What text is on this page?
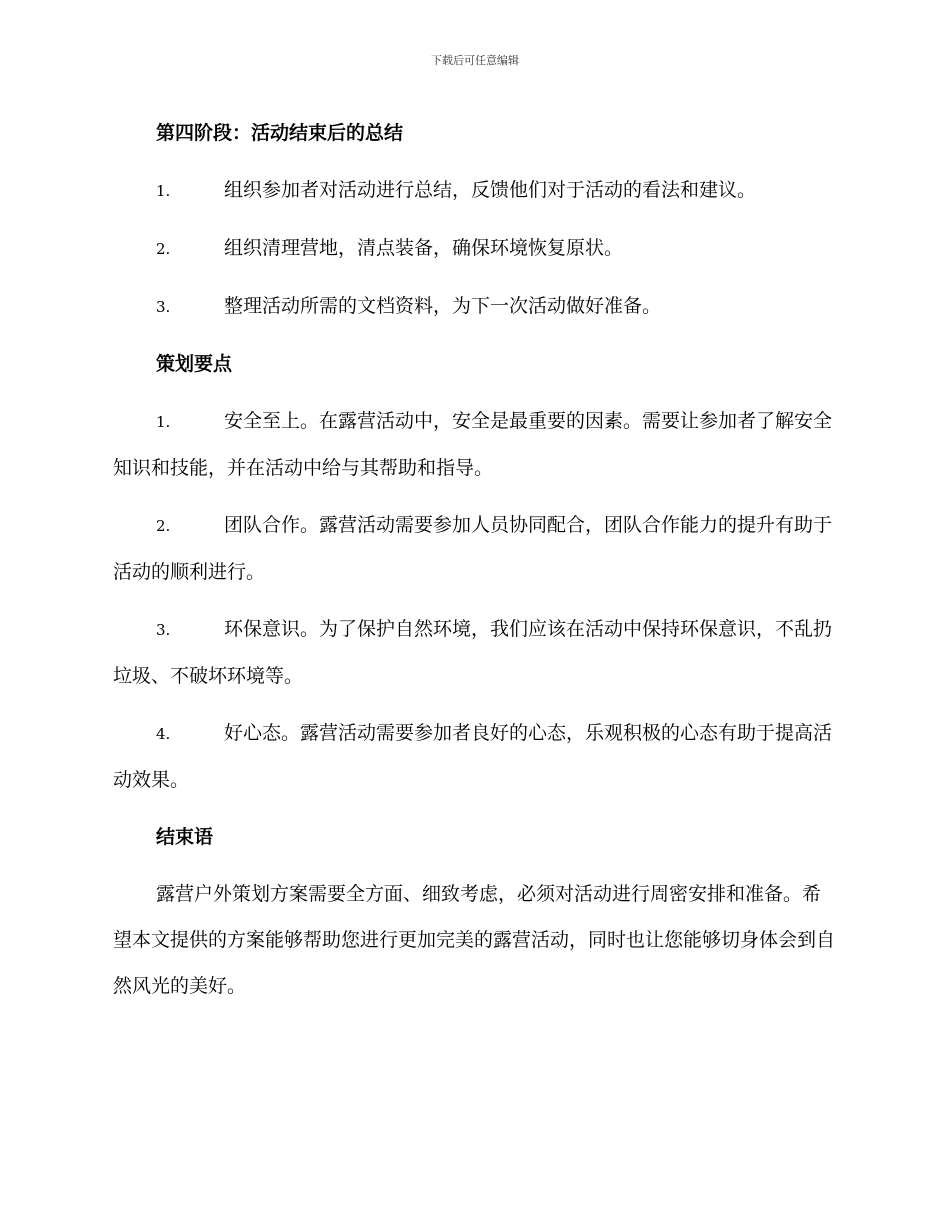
下载后可任意编辑
第四阶段：活动结束后的总结
1.	组织参加者对活动进行总结，反馈他们对于活动的看法和建议。
2.	组织清理营地，清点装备，确保环境恢复原状。
3.	整理活动所需的文档资料，为下一次活动做好准备。
策划要点
1.	安全至上。在露营活动中，安全是最重要的因素。需要让参加者了解安全知识和技能，并在活动中给与其帮助和指导。
2.	团队合作。露营活动需要参加人员协同配合，团队合作能力的提升有助于活动的顺利进行。
3.	环保意识。为了保护自然环境，我们应该在活动中保持环保意识，不乱扔垃圾、不破坏环境等。
4.	好心态。露营活动需要参加者良好的心态，乐观积极的心态有助于提高活动效果。
结束语

露营户外策划方案需要全方面、细致考虑，必须对活动进行周密安排和准备。希望本文提供的方案能够帮助您进行更加完美的露营活动，同时也让您能够切身体会到自然风光的美好。
